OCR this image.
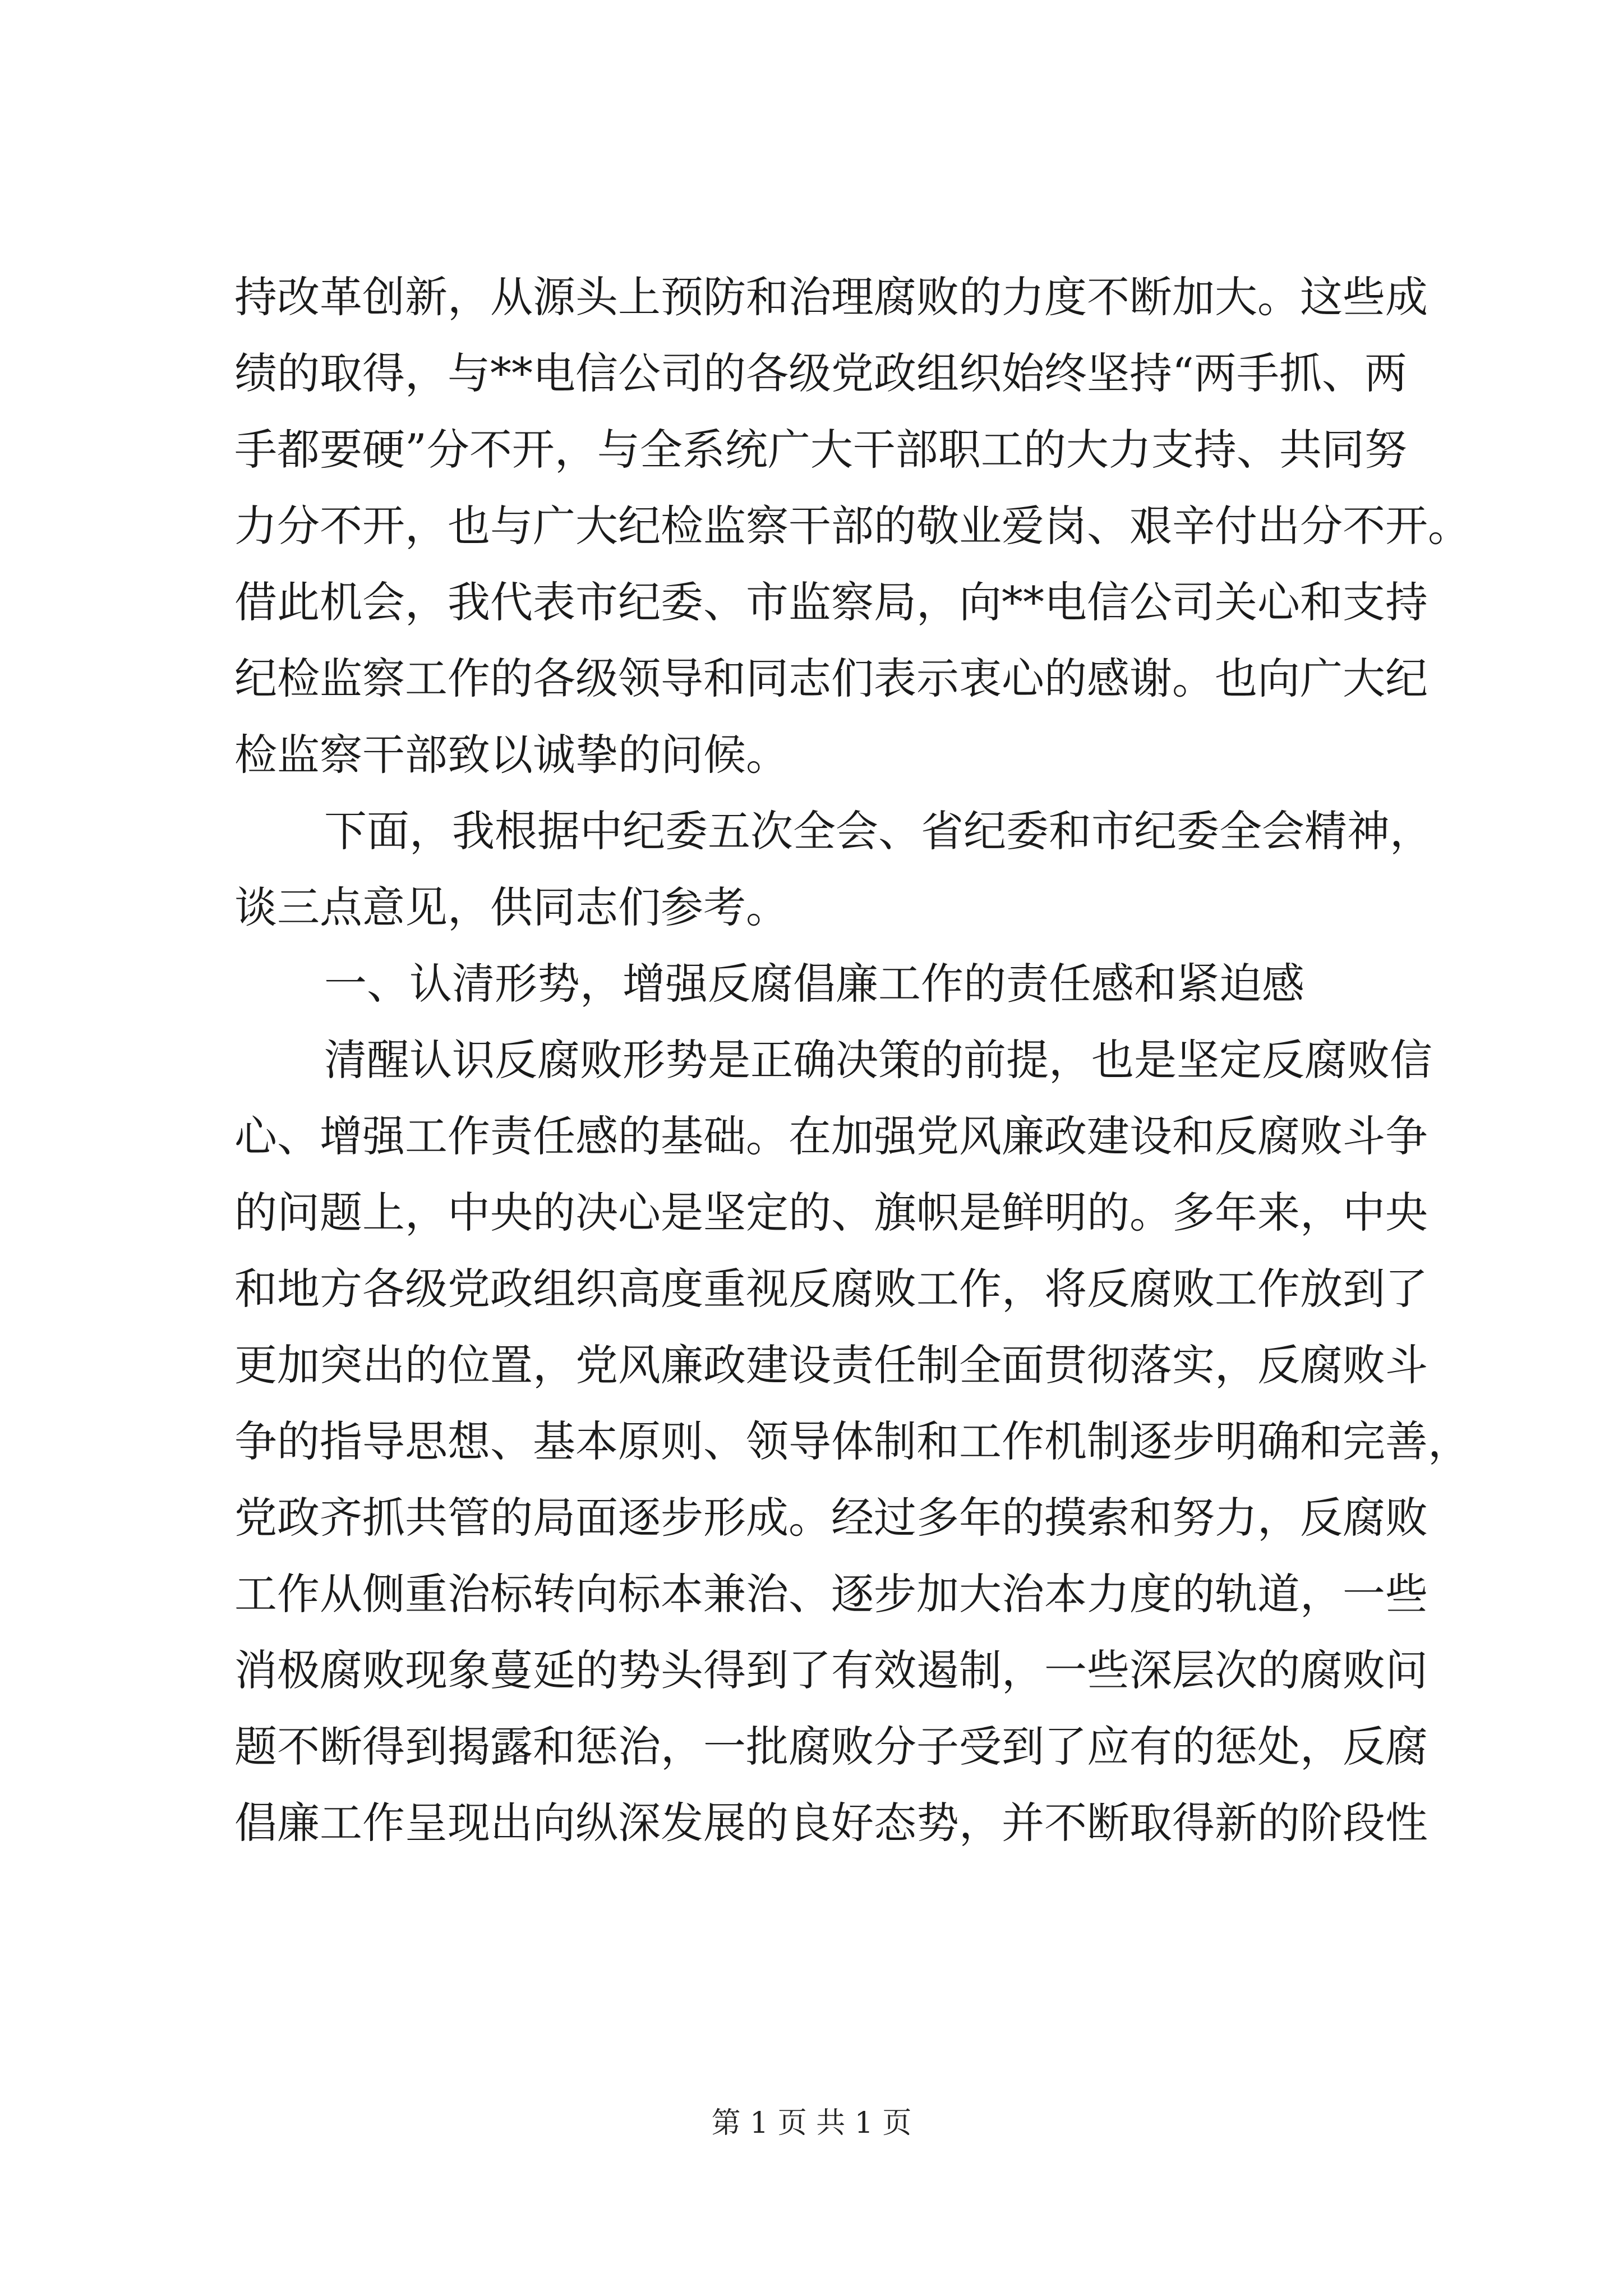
持改革创新，从源头上预防和治理腐败的力度不断加大。这些成
绩的取得，与**电信公司的各级党政组织始终坚持“两手抓、两
手都要硬”分不开，与全系统广大干部职工的大力支持、共同努
力分不开，也与广大纪检监察干部的敬业爱岗、艰辛付出分不开。
借此机会，我代表市纪委、市监察局，向**电信公司关心和支持
纪检监察工作的各级领导和同志们表示衷心的感谢。也向广大纪
检监察干部致以诚挚的问候。
下面，我根据中纪委五次全会、省纪委和市纪委全会精神，
谈三点意见，供同志们参考。
一、认清形势，增强反腐倡廉工作的责任感和紧迫感
清醒认识反腐败形势是正确决策的前提，也是坚定反腐败信
心、增强工作责任感的基础。在加强党风廉政建设和反腐败斗争
的问题上，中央的决心是坚定的、旗帜是鲜明的。多年来，中央
和地方各级党政组织高度重视反腐败工作，将反腐败工作放到了
更加突出的位置，党风廉政建设责任制全面贯彻落实，反腐败斗
争的指导思想、基本原则、领导体制和工作机制逐步明确和完善，
党政齐抓共管的局面逐步形成。经过多年的摸索和努力，反腐败
工作从侧重治标转向标本兼治、逐步加大治本力度的轨道，一些
消极腐败现象蔓延的势头得到了有效遏制，一些深层次的腐败问
题不断得到揭露和惩治，一批腐败分子受到了应有的惩处，反腐
倡廉工作呈现出向纵深发展的良好态势，并不断取得新的阶段性
第 1 页 共 1 页
